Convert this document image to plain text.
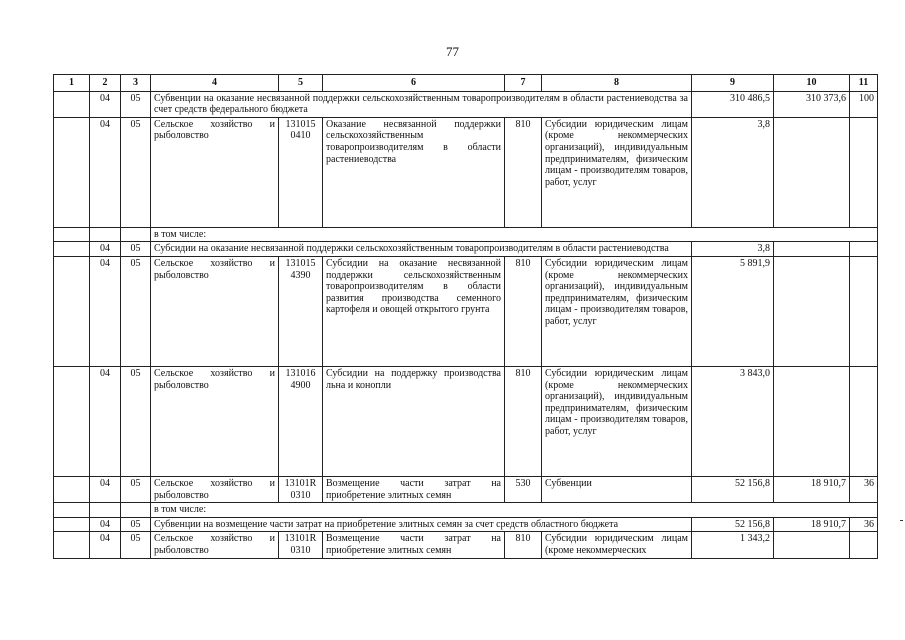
77
1	2	3	4	5	6	7	8	9	10	11
	04	05	Субвенции на оказание несвязанной поддержки сельскохозяйственным товаропроизводителям в области растениеводства за счет средств федерального бюджета					310 486,5	310 373,6	100
	04	05	Сельское хозяйство и рыболовство	131015 0410	Оказание несвязанной поддержки сельскохозяйственным товаропроизводителям в области растениеводства	810	Субсидии юридическим лицам (кроме некоммерческих организаций), индивидуальным предпринимателям, физическим лицам - производителям товаров, работ, услуг	3,8		
			в том числе:							
	04	05	Субсидии на оказание несвязанной поддержки сельскохозяйственным товаропроизводителям в области растениеводства					3,8		
	04	05	Сельское хозяйство и рыболовство	131015 4390	Субсидии на оказание несвязанной поддержки сельскохозяйственным товаропроизводителям в области развития производства семенного картофеля и овощей открытого грунта	810	Субсидии юридическим лицам (кроме некоммерческих организаций), индивидуальным предпринимателям, физическим лицам - производителям товаров, работ, услуг	5 891,9		
	04	05	Сельское хозяйство и рыболовство	131016 4900	Субсидии на поддержку производства льна и конопли	810	Субсидии юридическим лицам (кроме некоммерческих организаций), индивидуальным предпринимателям, физическим лицам - производителям товаров, работ, услуг	3 843,0		
	04	05	Сельское хозяйство и рыболовство	13101R 0310	Возмещение части затрат на приобретение элитных семян	530	Субвенции	52 156,8	18 910,7	36
			в том числе:							
	04	05	Субвенции на возмещение части затрат на приобретение элитных семян за счет средств областного бюджета					52 156,8	18 910,7	36
	04	05	Сельское хозяйство и рыболовство	13101R 0310	Возмещение части затрат на приобретение элитных семян	810	Субсидии юридическим лицам (кроме некоммерческих	1 343,2		
